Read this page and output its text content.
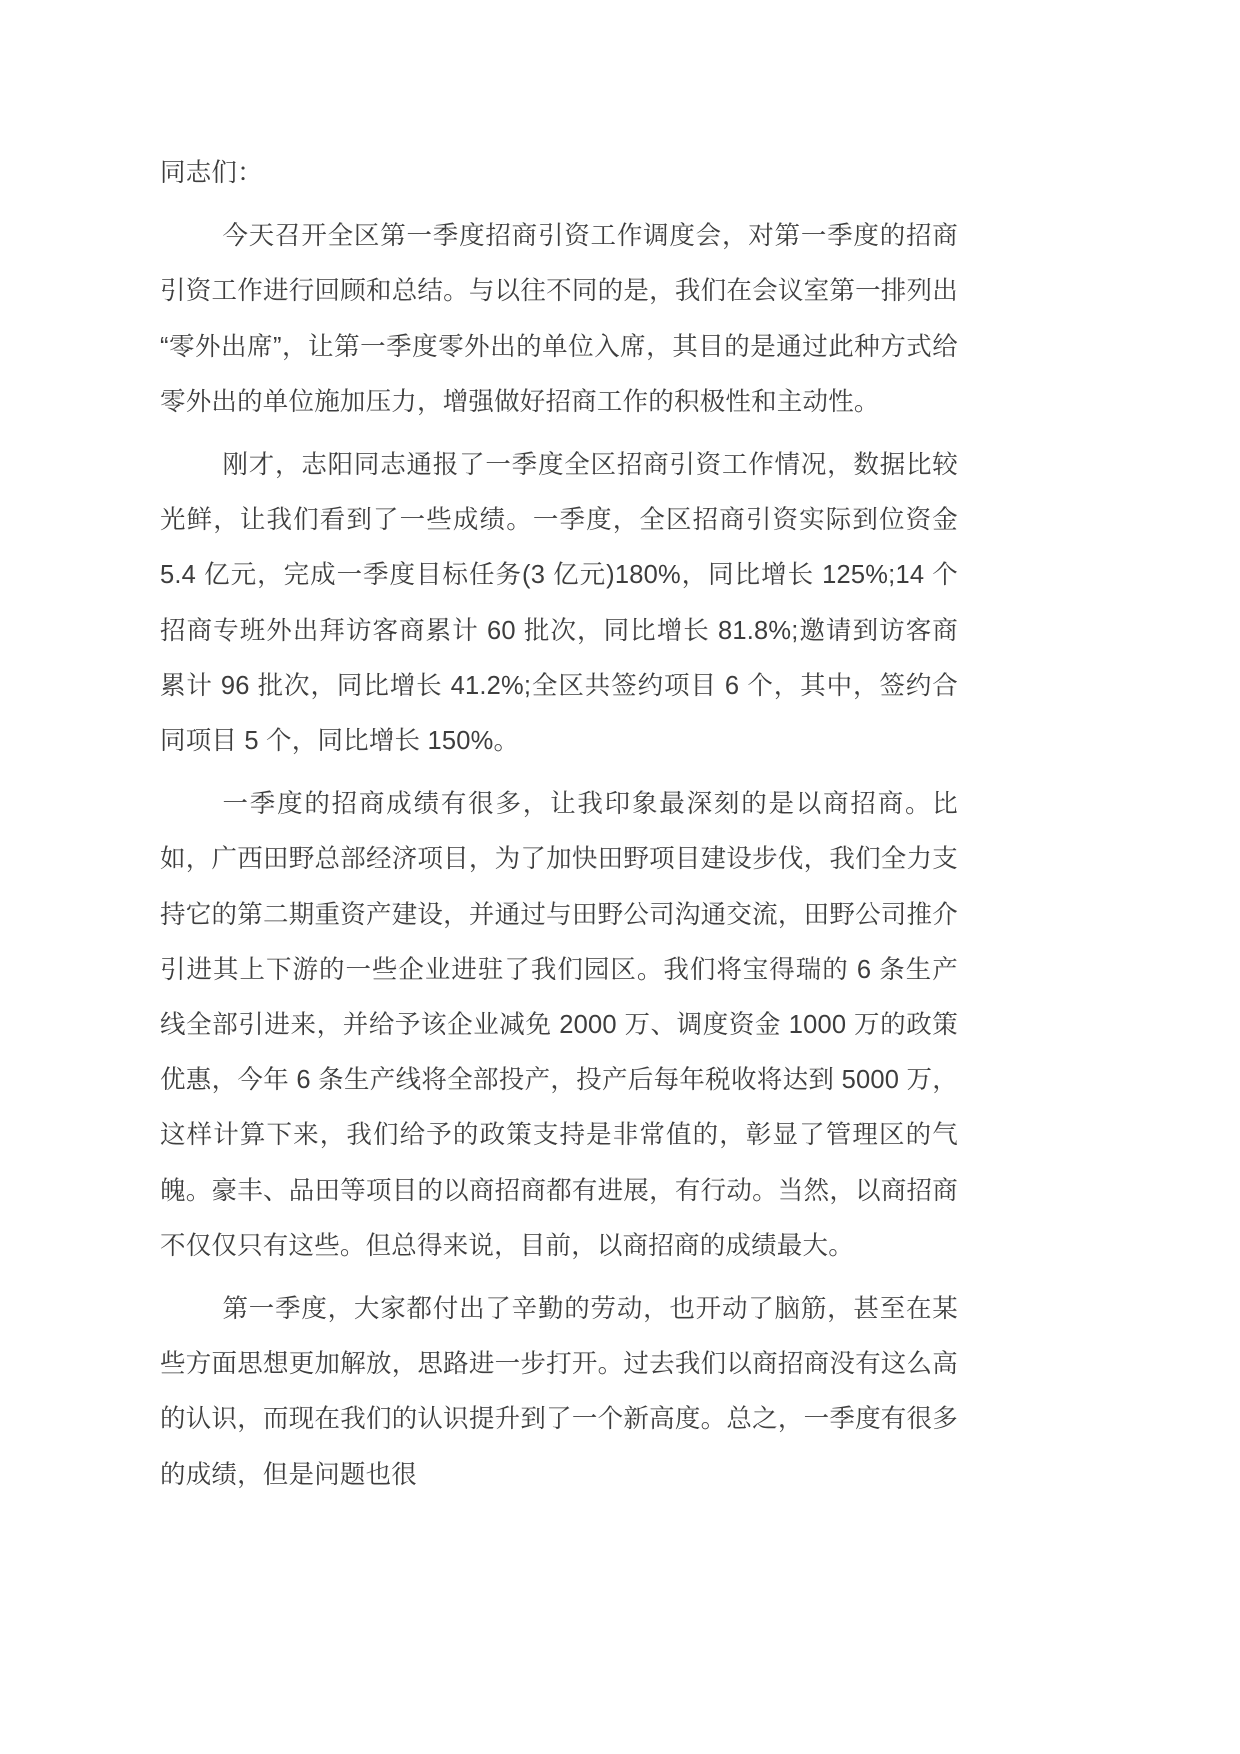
同志们：

今天召开全区第一季度招商引资工作调度会，对第一季度的招商引资工作进行回顾和总结。与以往不同的是，我们在会议室第一排列出“零外出席”，让第一季度零外出的单位入席，其目的是通过此种方式给零外出的单位施加压力，增强做好招商工作的积极性和主动性。

刚才，志阳同志通报了一季度全区招商引资工作情况，数据比较光鲜，让我们看到了一些成绩。一季度，全区招商引资实际到位资金 5.4 亿元，完成一季度目标任务(3 亿元)180%，同比增长 125%;14 个招商专班外出拜访客商累计 60 批次，同比增长 81.8%;邀请到访客商累计 96 批次，同比增长 41.2%;全区共签约项目 6 个，其中，签约合同项目 5 个，同比增长 150%。

一季度的招商成绩有很多，让我印象最深刻的是以商招商。比如，广西田野总部经济项目，为了加快田野项目建设步伐，我们全力支持它的第二期重资产建设，并通过与田野公司沟通交流，田野公司推介引进其上下游的一些企业进驻了我们园区。我们将宝得瑞的 6 条生产线全部引进来，并给予该企业减免 2000 万、调度资金 1000 万的政策优惠，今年 6 条生产线将全部投产，投产后每年税收将达到 5000 万，这样计算下来，我们给予的政策支持是非常值的，彰显了管理区的气魄。豪丰、品田等项目的以商招商都有进展，有行动。当然，以商招商不仅仅只有这些。但总得来说，目前，以商招商的成绩最大。

第一季度，大家都付出了辛勤的劳动，也开动了脑筋，甚至在某些方面思想更加解放，思路进一步打开。过去我们以商招商没有这么高的认识，而现在我们的认识提升到了一个新高度。总之，一季度有很多的成绩，但是问题也很
